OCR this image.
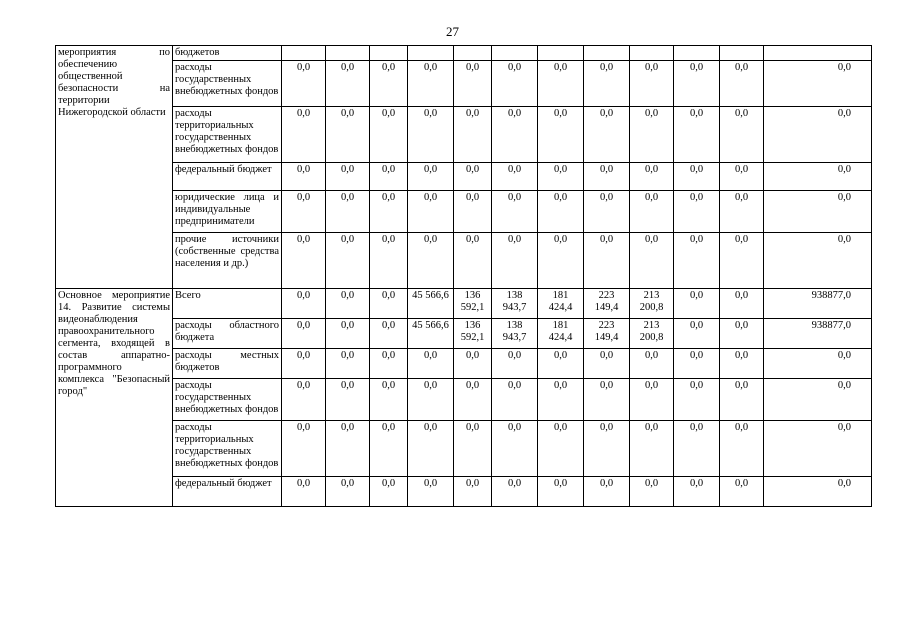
27
мероприятия по обеспечению общественной безопасности на территории Нижегородской области	бюджетов												
	расходы государственных внебюджетных фондов	0,0	0,0	0,0	0,0	0,0	0,0	0,0	0,0	0,0	0,0	0,0	0,0
	расходы территориальных государственных внебюджетных фондов	0,0	0,0	0,0	0,0	0,0	0,0	0,0	0,0	0,0	0,0	0,0	0,0
	федеральный бюджет	0,0	0,0	0,0	0,0	0,0	0,0	0,0	0,0	0,0	0,0	0,0	0,0
	юридические лица и индивидуальные предприниматели	0,0	0,0	0,0	0,0	0,0	0,0	0,0	0,0	0,0	0,0	0,0	0,0
	прочие источники (собственные средства населения и др.)	0,0	0,0	0,0	0,0	0,0	0,0	0,0	0,0	0,0	0,0	0,0	0,0
Основное мероприятие 14. Развитие системы видеонаблюдения правоохранительного сегмента, входящей в состав аппаратно-программного комплекса "Безопасный город"	Всего	0,0	0,0	0,0	45 566,6	136 592,1	138 943,7	181 424,4	223 149,4	213 200,8	0,0	0,0	938877,0
	расходы областного бюджета	0,0	0,0	0,0	45 566,6	136 592,1	138 943,7	181 424,4	223 149,4	213 200,8	0,0	0,0	938877,0
	расходы местных бюджетов	0,0	0,0	0,0	0,0	0,0	0,0	0,0	0,0	0,0	0,0	0,0	0,0
	расходы государственных внебюджетных фондов	0,0	0,0	0,0	0,0	0,0	0,0	0,0	0,0	0,0	0,0	0,0	0,0
	расходы территориальных государственных внебюджетных фондов	0,0	0,0	0,0	0,0	0,0	0,0	0,0	0,0	0,0	0,0	0,0	0,0
	федеральный бюджет	0,0	0,0	0,0	0,0	0,0	0,0	0,0	0,0	0,0	0,0	0,0	0,0
